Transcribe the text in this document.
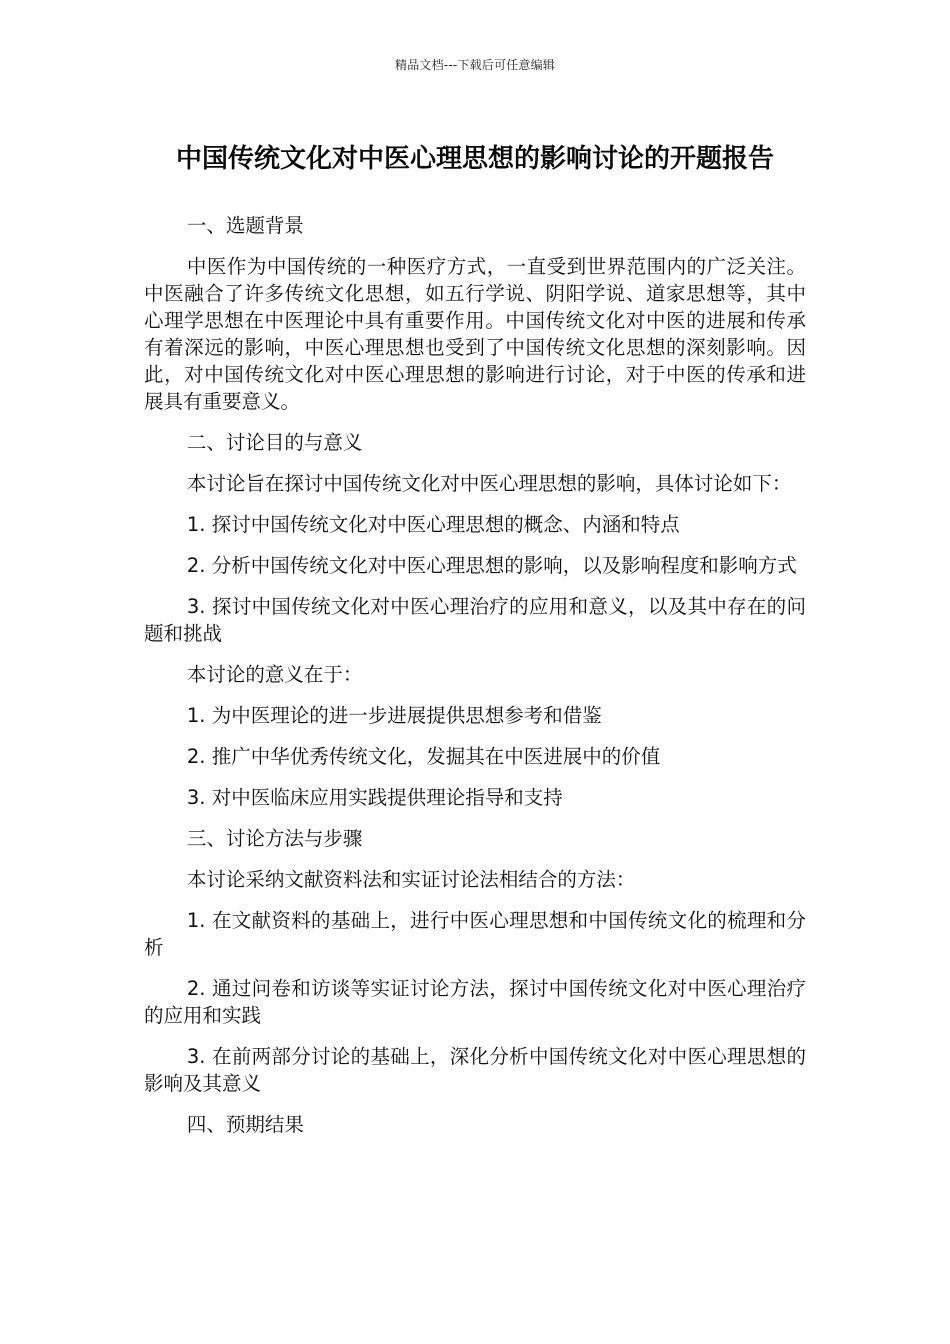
精品文档---下载后可任意编辑
中国传统文化对中医心理思想的影响讨论的开题报告

一、选题背景

中医作为中国传统的一种医疗方式，一直受到世界范围内的广泛关注。中医融合了许多传统文化思想，如五行学说、阴阳学说、道家思想等，其中心理学思想在中医理论中具有重要作用。中国传统文化对中医的进展和传承有着深远的影响，中医心理思想也受到了中国传统文化思想的深刻影响。因此，对中国传统文化对中医心理思想的影响进行讨论，对于中医的传承和进展具有重要意义。

二、讨论目的与意义

本讨论旨在探讨中国传统文化对中医心理思想的影响，具体讨论如下：

1. 探讨中国传统文化对中医心理思想的概念、内涵和特点

2. 分析中国传统文化对中医心理思想的影响，以及影响程度和影响方式

3. 探讨中国传统文化对中医心理治疗的应用和意义，以及其中存在的问题和挑战

本讨论的意义在于：

1. 为中医理论的进一步进展提供思想参考和借鉴

2. 推广中华优秀传统文化，发掘其在中医进展中的价值

3. 对中医临床应用实践提供理论指导和支持

三、讨论方法与步骤

本讨论采纳文献资料法和实证讨论法相结合的方法：

1. 在文献资料的基础上，进行中医心理思想和中国传统文化的梳理和分析

2. 通过问卷和访谈等实证讨论方法，探讨中国传统文化对中医心理治疗的应用和实践

3. 在前两部分讨论的基础上，深化分析中国传统文化对中医心理思想的影响及其意义

四、预期结果
